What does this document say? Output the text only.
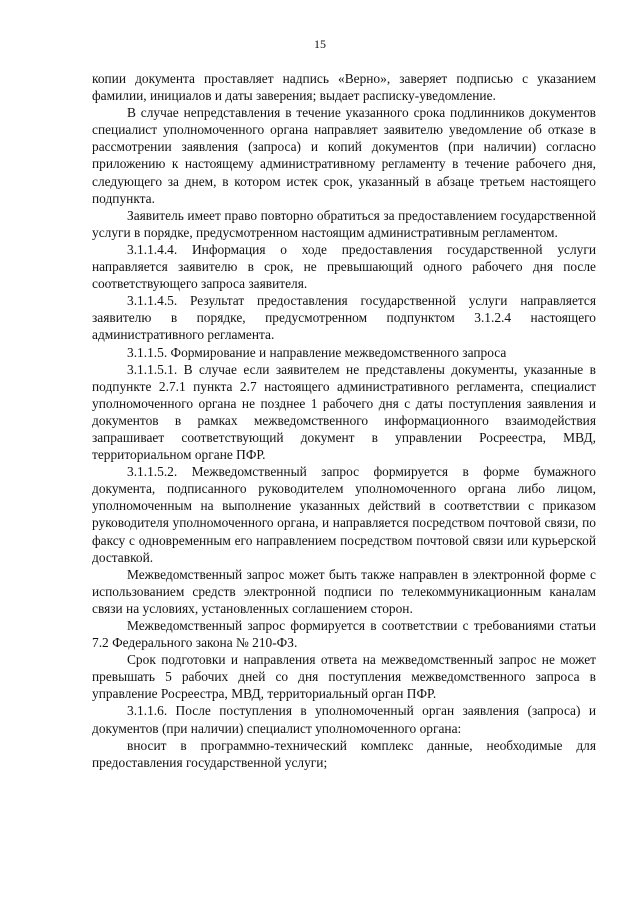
15

копии документа проставляет надпись «Верно», заверяет подписью с указанием фамилии, инициалов и даты заверения; выдает расписку-уведомление.

В случае непредставления в течение указанного срока подлинников документов специалист уполномоченного органа направляет заявителю уведомление об отказе в рассмотрении заявления (запроса) и копий документов (при наличии) согласно приложению к настоящему административному регламенту в течение рабочего дня, следующего за днем, в котором истек срок, указанный в абзаце третьем настоящего подпункта.

Заявитель имеет право повторно обратиться за предоставлением государственной услуги в порядке, предусмотренном настоящим административным регламентом.

3.1.1.4.4. Информация о ходе предоставления государственной услуги направляется заявителю в срок, не превышающий одного рабочего дня после соответствующего запроса заявителя.

3.1.1.4.5. Результат предоставления государственной услуги направляется заявителю в порядке, предусмотренном подпунктом 3.1.2.4 настоящего административного регламента.

3.1.1.5. Формирование и направление межведомственного запроса

3.1.1.5.1. В случае если заявителем не представлены документы, указанные в подпункте 2.7.1 пункта 2.7 настоящего административного регламента, специалист уполномоченного органа не позднее 1 рабочего дня с даты поступления заявления и документов в рамках межведомственного информационного взаимодействия запрашивает соответствующий документ в управлении Росреестра, МВД, территориальном органе ПФР.

3.1.1.5.2. Межведомственный запрос формируется в форме бумажного документа, подписанного руководителем уполномоченного органа либо лицом, уполномоченным на выполнение указанных действий в соответствии с приказом руководителя уполномоченного органа, и направляется посредством почтовой связи, по факсу с одновременным его направлением посредством почтовой связи или курьерской доставкой.

Межведомственный запрос может быть также направлен в электронной форме с использованием средств электронной подписи по телекоммуникационным каналам связи на условиях, установленных соглашением сторон.

Межведомственный запрос формируется в соответствии с требованиями статьи 7.2 Федерального закона № 210-ФЗ.

Срок подготовки и направления ответа на межведомственный запрос не может превышать 5 рабочих дней со дня поступления межведомственного запроса в управление Росреестра, МВД, территориальный орган ПФР.

3.1.1.6. После поступления в уполномоченный орган заявления (запроса) и документов (при наличии) специалист уполномоченного органа:

вносит в программно-технический комплекс данные, необходимые для предоставления государственной услуги;
